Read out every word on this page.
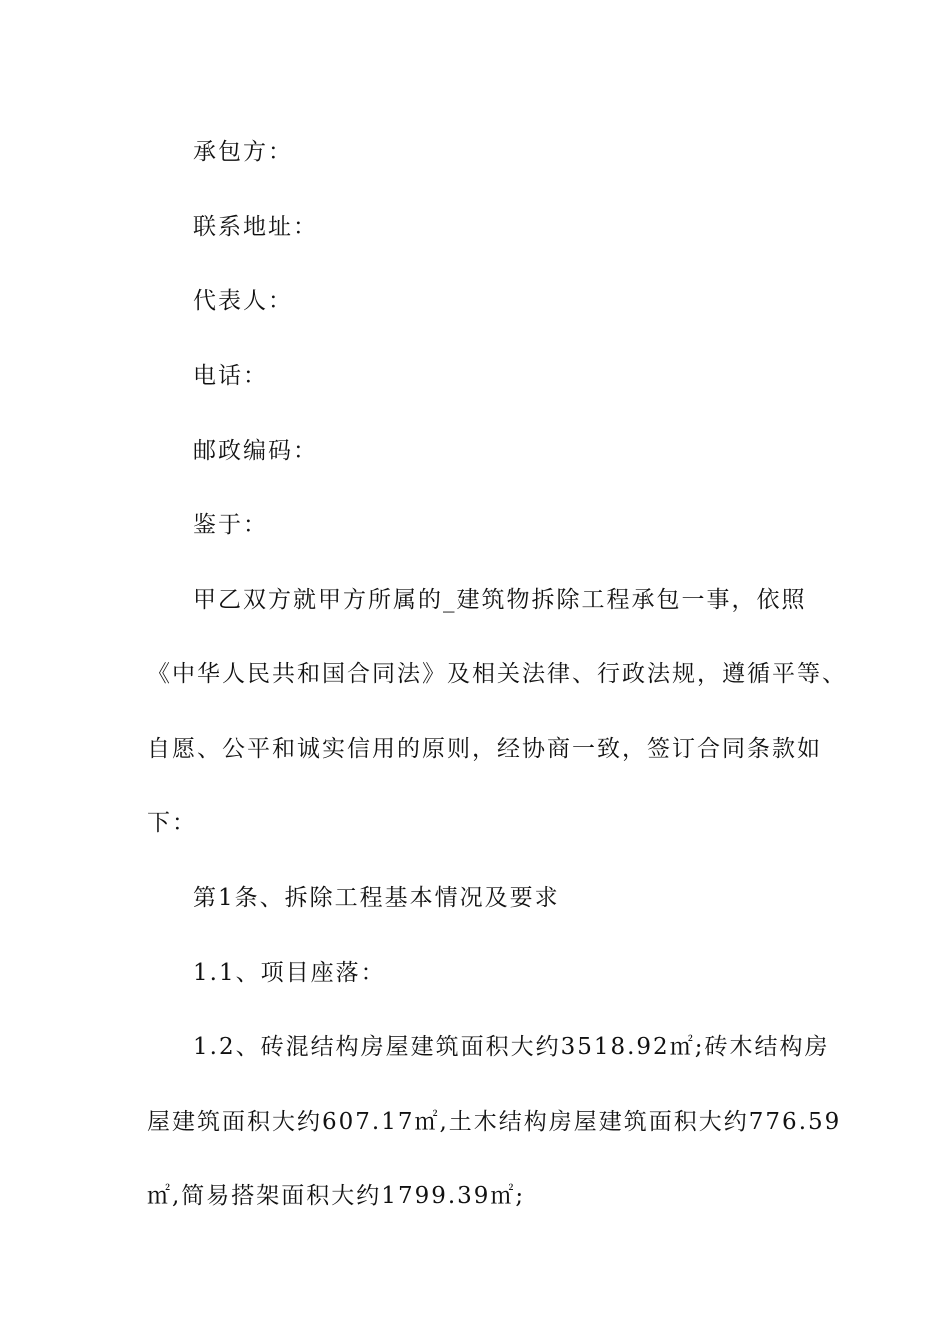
承包方：
联系地址：
代表人：
电话：
邮政编码：
鉴于：
甲乙双方就甲方所属的_建筑物拆除工程承包一事，依照
《中华人民共和国合同法》及相关法律、行政法规，遵循平等、
自愿、公平和诚实信用的原则，经协商一致，签订合同条款如
下：
第1条、拆除工程基本情况及要求
1.1、项目座落：
1.2、砖混结构房屋建筑面积大约3518.92㎡;砖木结构房
屋建筑面积大约607.17㎡,土木结构房屋建筑面积大约776.59
㎡,简易搭架面积大约1799.39㎡;
